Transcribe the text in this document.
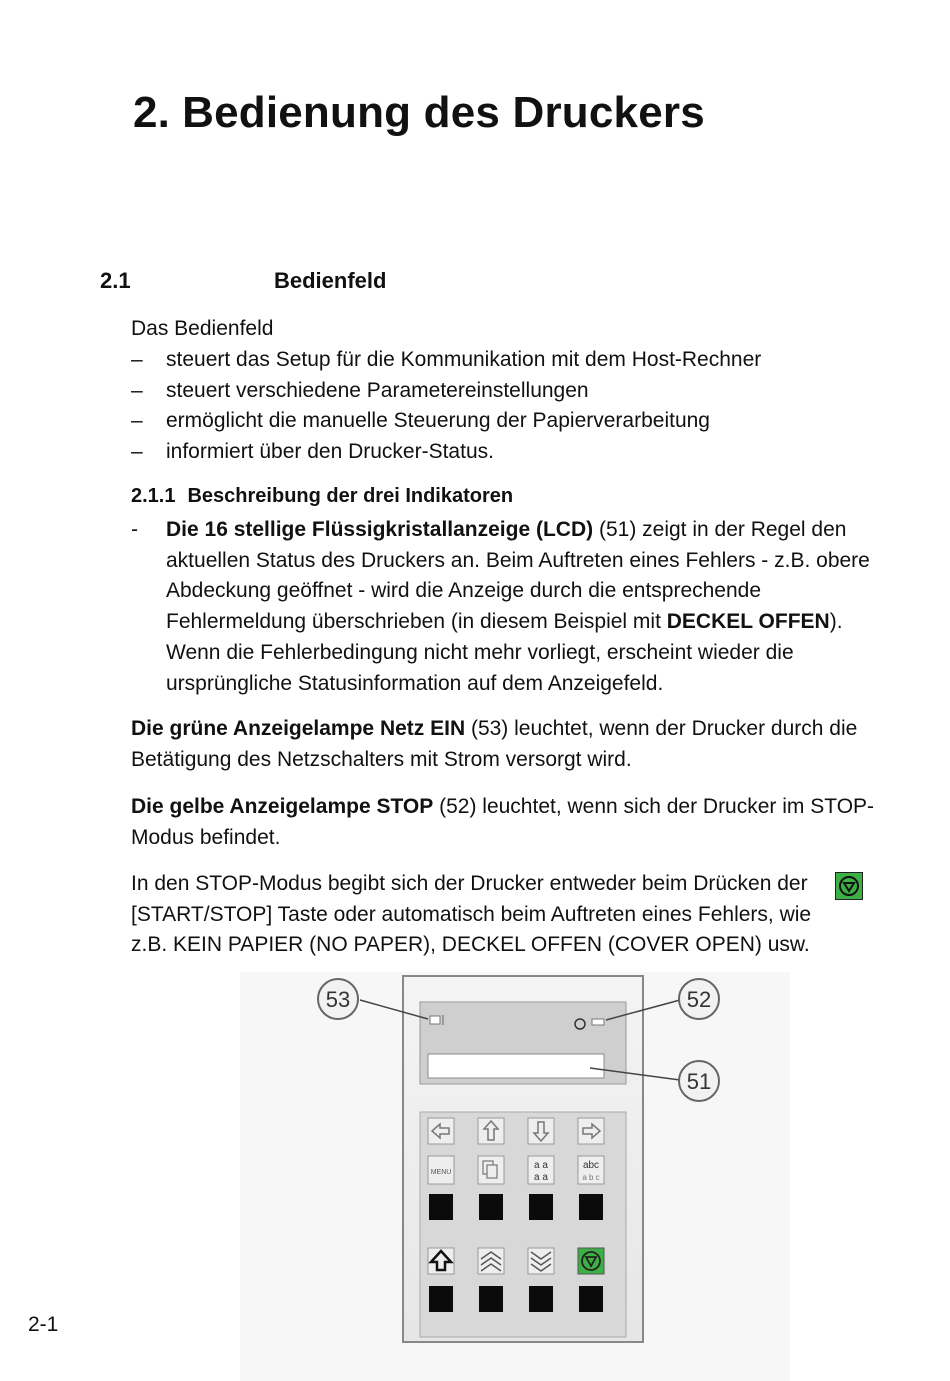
2. Bedienung des Druckers
2.1	Bedienfeld
Das Bedienfeld
– steuert das Setup für die Kommunikation mit dem Host-Rechner
– steuert verschiedene Parametereinstellungen
– ermöglicht die manuelle Steuerung der Papierverarbeitung
– informiert über den Drucker-Status.
2.1.1 Beschreibung der drei Indikatoren
- Die 16 stellige Flüssigkristallanzeige (LCD) (51) zeigt in der Regel den aktuellen Status des Druckers an. Beim Auftreten eines Fehlers - z.B. obere Abdeckung geöffnet - wird die Anzeige durch die entsprechende Fehlermeldung überschrieben (in diesem Beispiel mit DECKEL OFFEN). Wenn die Fehlerbedingung nicht mehr vorliegt, erscheint wieder die ursprüngliche Statusinformation auf dem Anzeigefeld.
Die grüne Anzeigelampe Netz EIN (53) leuchtet, wenn der Drucker durch die Betätigung des Netzschalters mit Strom versorgt wird.
Die gelbe Anzeigelampe STOP (52) leuchtet, wenn sich der Drucker im STOP-Modus befindet.
In den STOP-Modus begibt sich der Drucker entweder beim Drücken der [START/STOP] Taste oder automatisch beim Auftreten eines Fehlers, wie z.B. KEIN PAPIER (NO PAPER), DECKEL OFFEN (COVER OPEN) usw.
53	52
51
MENU
a a
a a
abc
a b c
2-1
